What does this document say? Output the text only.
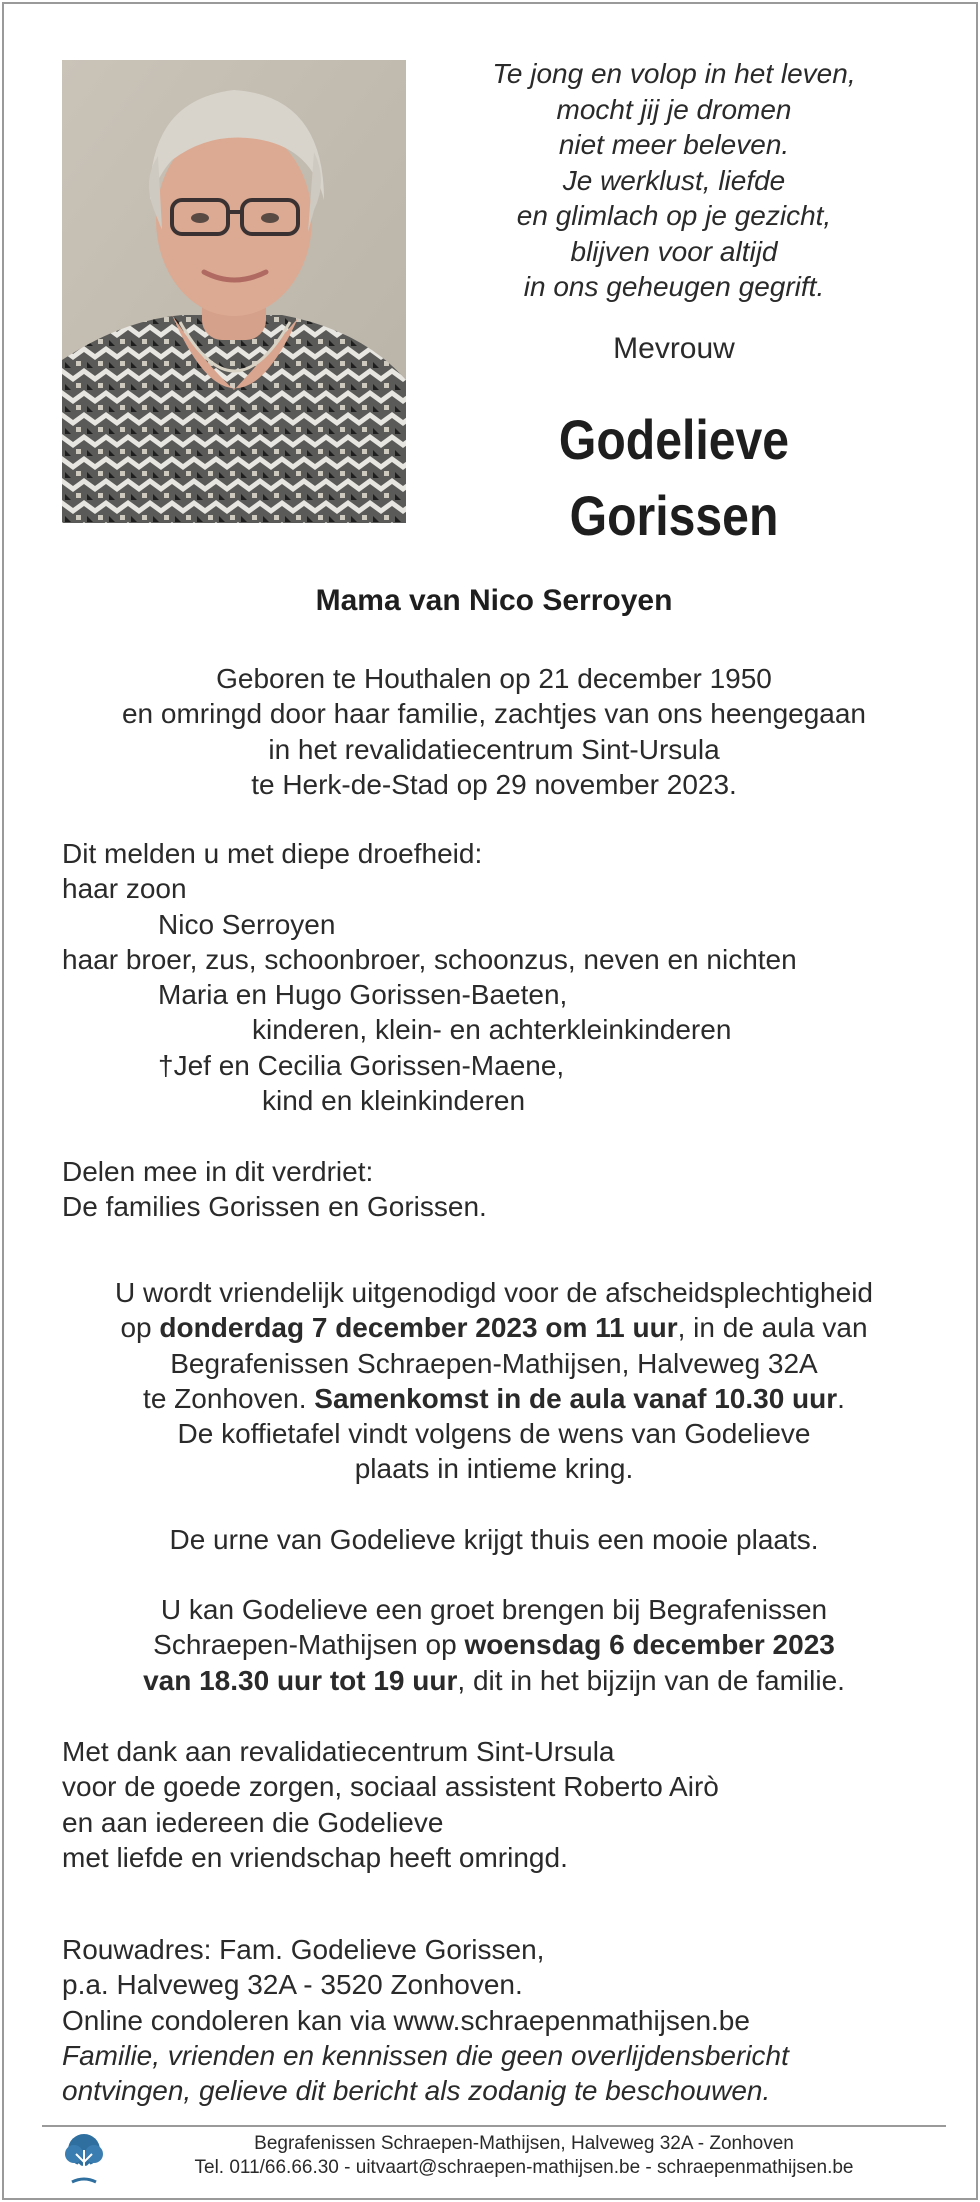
Te jong en volop in het leven,
mocht jij je dromen
niet meer beleven.
Je werklust, liefde
en glimlach op je gezicht,
blijven voor altijd
in ons geheugen gegrift.
Mevrouw
Godelieve
Gorissen
Mama van Nico Serroyen
Geboren te Houthalen op 21 december 1950
en omringd door haar familie, zachtjes van ons heengegaan
in het revalidatiecentrum Sint-Ursula
te Herk-de-Stad op 29 november 2023.
Dit melden u met diepe droefheid:
haar zoon
Nico Serroyen
haar broer, zus, schoonbroer, schoonzus, neven en nichten
Maria en Hugo Gorissen-Baeten,
kinderen, klein- en achterkleinkinderen
†Jef en Cecilia Gorissen-Maene,
kind en kleinkinderen
Delen mee in dit verdriet:
De families Gorissen en Gorissen.
U wordt vriendelijk uitgenodigd voor de afscheidsplechtigheid
op donderdag 7 december 2023 om 11 uur, in de aula van
Begrafenissen Schraepen-Mathijsen, Halveweg 32A
te Zonhoven. Samenkomst in de aula vanaf 10.30 uur.
De koffietafel vindt volgens de wens van Godelieve
plaats in intieme kring.
De urne van Godelieve krijgt thuis een mooie plaats.
U kan Godelieve een groet brengen bij Begrafenissen
Schraepen-Mathijsen op woensdag 6 december 2023
van 18.30 uur tot 19 uur, dit in het bijzijn van de familie.
Met dank aan revalidatiecentrum Sint-Ursula
voor de goede zorgen, sociaal assistent Roberto Airò
en aan iedereen die Godelieve
met liefde en vriendschap heeft omringd.
Rouwadres: Fam. Godelieve Gorissen,
p.a. Halveweg 32A - 3520 Zonhoven.
Online condoleren kan via www.schraepenmathijsen.be
Familie, vrienden en kennissen die geen overlijdensbericht
ontvingen, gelieve dit bericht als zodanig te beschouwen.
Begrafenissen Schraepen-Mathijsen, Halveweg 32A - Zonhoven
Tel. 011/66.66.30 - uitvaart@schraepen-mathijsen.be - schraepenmathijsen.be
